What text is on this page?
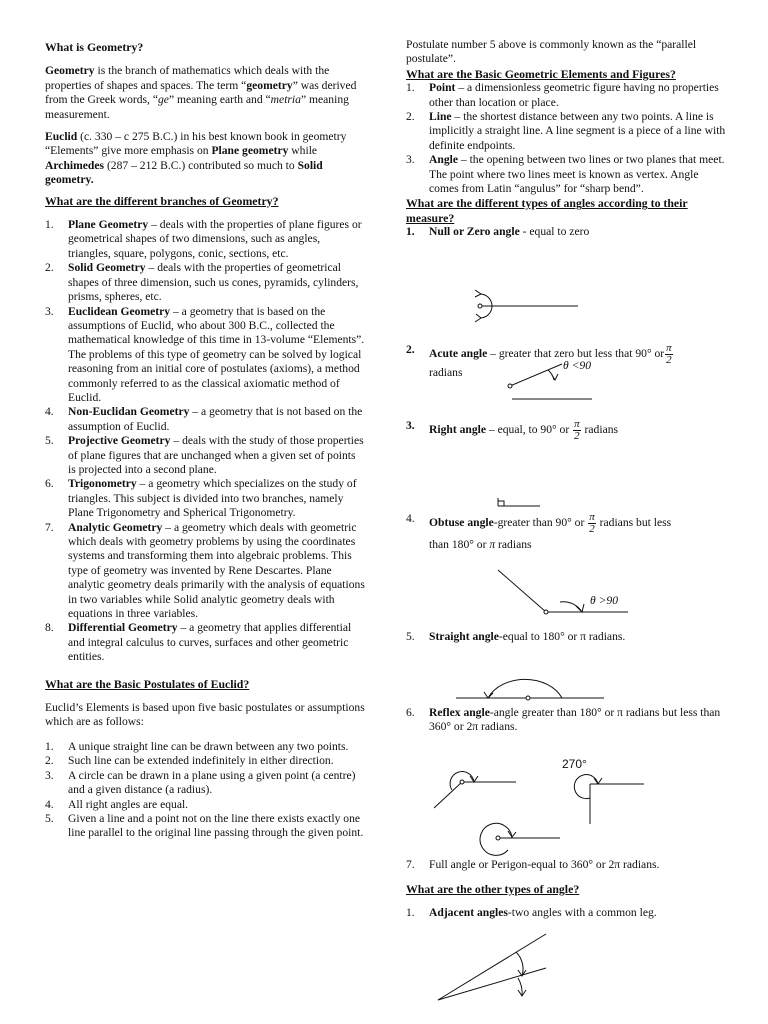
What is Geometry?

Geometry is the branch of mathematics which deals with the properties of shapes and spaces. The term “geometry” was derived from the Greek words, “ge” meaning earth and “metria” meaning measurement.

Euclid (c. 330 – c 275 B.C.) in his best known book in geometry “Elements” give more emphasis on Plane geometry while Archimedes (287 – 212 B.C.) contributed so much to Solid geometry.

What are the different branches of Geometry?
1. Plane Geometry – deals with the properties of plane figures or geometrical shapes of two dimensions, such as angles, triangles, square, polygons, conic, sections, etc.
2. Solid Geometry – deals with the properties of geometrical shapes of three dimension, such us cones, pyramids, cylinders, prisms, spheres, etc.
3. Euclidean Geometry – a geometry that is based on the assumptions of Euclid, who about 300 B.C., collected the mathematical knowledge of this time in 13-volume “Elements”. The problems of this type of geometry can be solved by logical reasoning from an initial core of postulates (axioms), a method commonly referred to as the classical axiomatic method of Euclid.
4. Non-Euclidan Geometry – a geometry that is not based on the assumption of Euclid.
5. Projective Geometry – deals with the study of those properties of plane figures that are unchanged when a given set of points is projected into a second plane.
6. Trigonometry – a geometry which specializes on the study of triangles. This subject is divided into two branches, namely Plane Trigonometry and Spherical Trigonometry.
7. Analytic Geometry – a geometry which deals with geometric which deals with geometry problems by using the coordinates systems and transforming them into algebraic problems. This type of geometry was invented by Rene Descartes. Plane analytic geometry deals primarily with the analysis of equations in two variables while Solid analytic geometry deals with equations in three variables.
8. Differential Geometry – a geometry that applies differential and integral calculus to curves, surfaces and other geometric entities.
What are the Basic Postulates of Euclid?

Euclid’s Elements is based upon five basic postulates or assumptions which are as follows:

1. A unique straight line can be drawn between any two points.
2. Such line can be extended indefinitely in either direction.
3. A circle can be drawn in a plane using a given point (a centre) and a given distance (a radius).
4. All right angles are equal.
5. Given a line and a point not on the line there exists exactly one line parallel to the original line passing through the given point.

Postulate number 5 above is commonly known as the “parallel postulate”.

What are the Basic Geometric Elements and Figures?
1. Point – a dimensionless geometric figure having no properties other than location or place.
2. Line – the shortest distance between any two points. A line is implicitly a straight line. A line segment is a piece of a line with definite endpoints.
3. Angle – the opening between two lines or two planes that meet. The point where two lines meet is known as vertex. Angle comes from Latin “angulus” for “sharp bend”.
What are the different types of angles according to their measure?

1. Null or Zero angle - equal to zero

2. Acute angle – greater that zero but less that 90° or $\frac{\pi}{2}$
radians
θ <90
3. Right angle – equal, to 90° or $\frac{\pi}{2}$ radians
4. Obtuse angle-greater than 90° or $\frac{\pi}{2}$ radians but less
than 180° or π radians
θ >90
5. Straight angle-equal to 180° or π radians.
6. Reflex angle-angle greater than 180° or π radians but less than 360° or 2π radians.
270°
7. Full angle or Perigon-equal to 360° or 2π radians.
What are the other types of angle?
1. Adjacent angles-two angles with a common leg.
